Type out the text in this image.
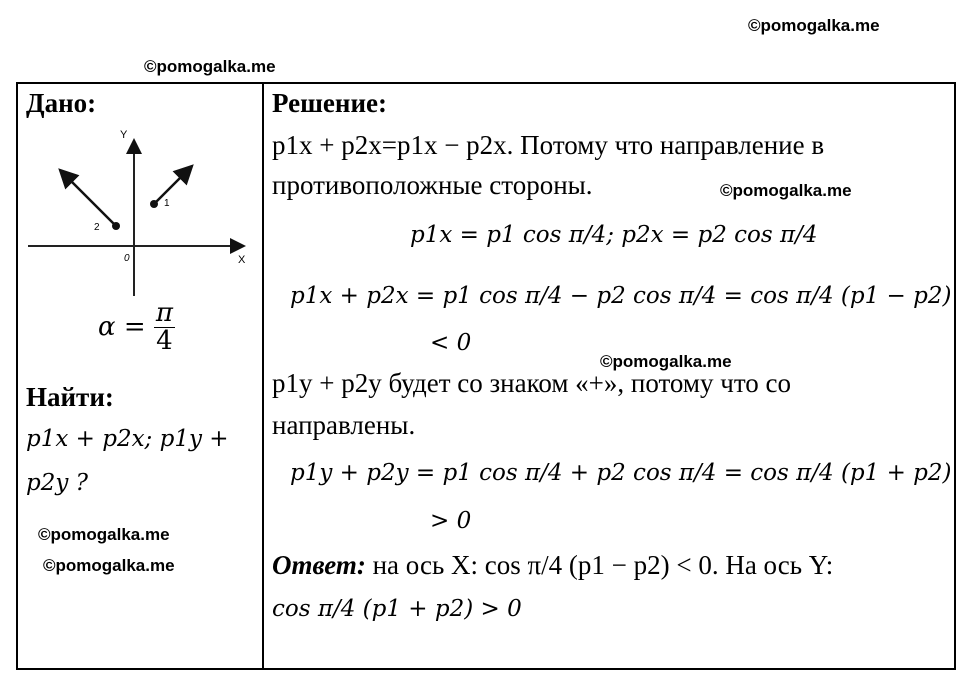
©pomogalka.me
©pomogalka.me
©pomogalka.me
©pomogalka.me
©pomogalka.me
©pomogalka.me
Дано:
Y
X
0
1
2
$\alpha = \frac{\pi}{4}$
Найти:
p1x + p2x; p1y +
p2y ?
Решение:
p1x + p2x=p1x − p2x. Потому что направление в
противоположные стороны.
p1x = p1 cos π/4; p2x = p2 cos π/4
p1x + p2x = p1 cos π/4 − p2 cos π/4 = cos π/4 (p1 − p2)
< 0
p1y + p2y будет со знаком «+», потому что со
направлены.
p1y + p2y = p1 cos π/4 + p2 cos π/4 = cos π/4 (p1 + p2)
> 0
Ответ: на ось X: cos π/4 (p1 − p2) < 0. На ось Y:
cos π/4 (p1 + p2) > 0
